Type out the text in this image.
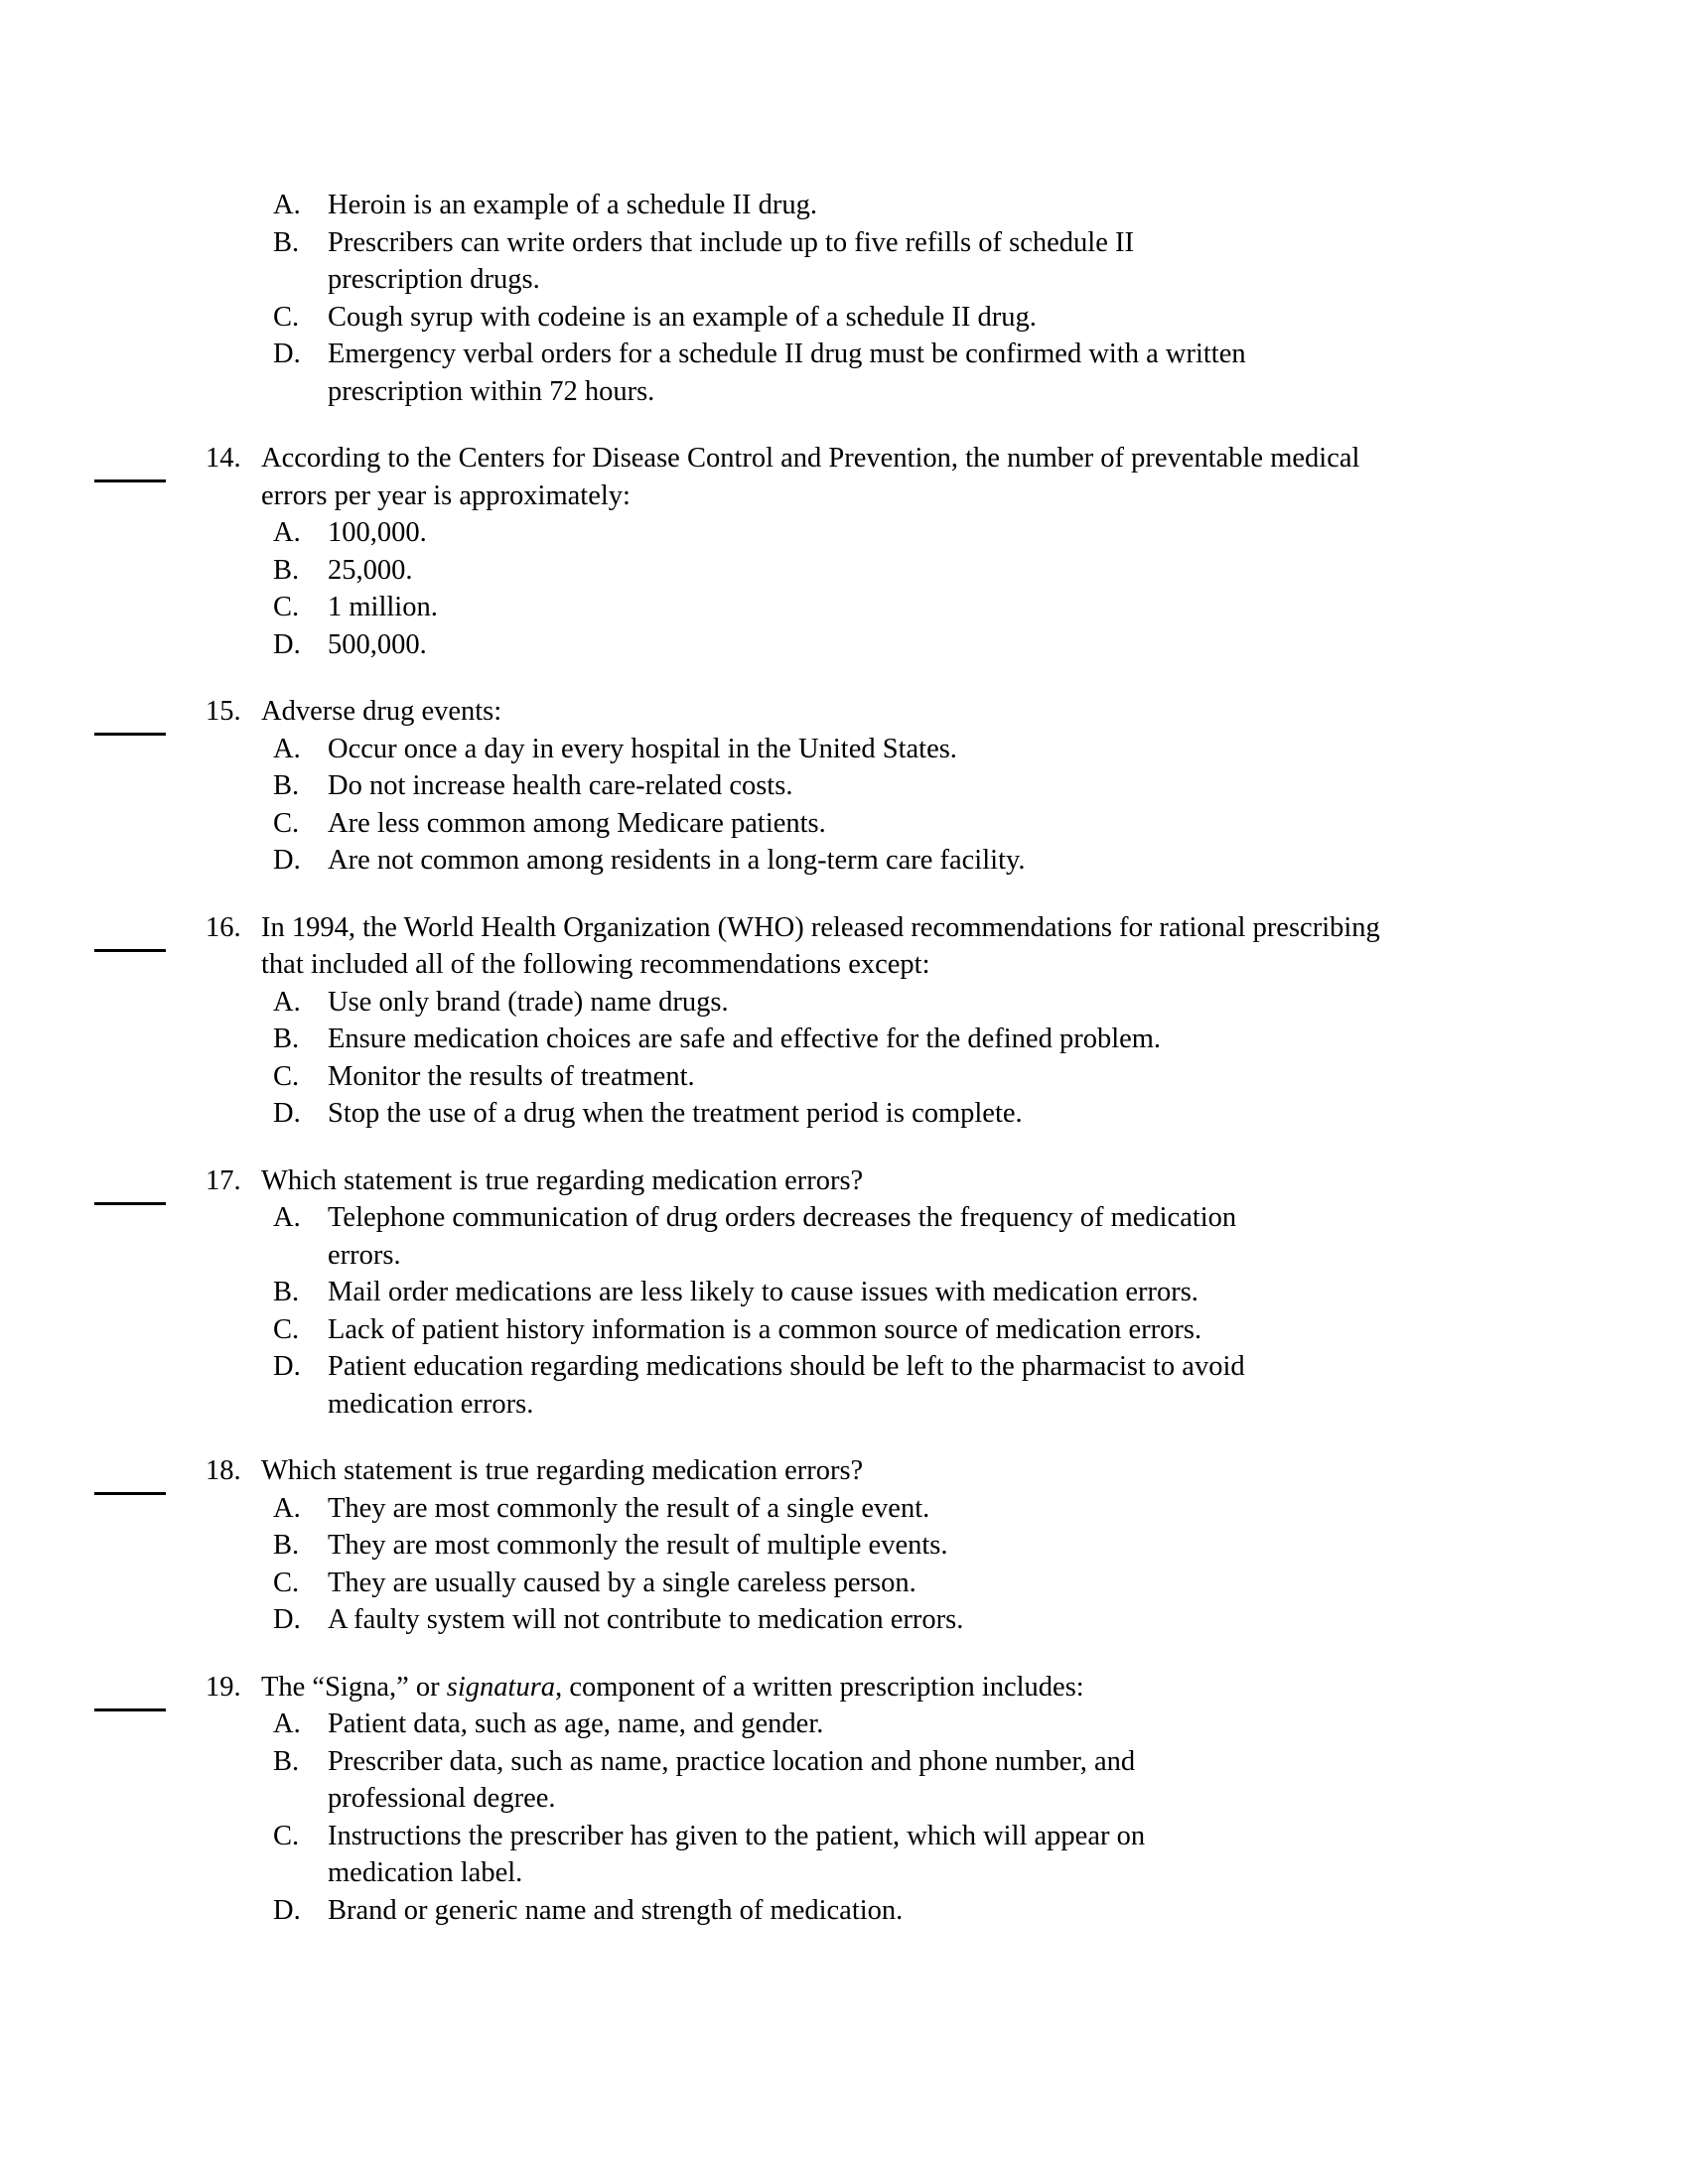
A. Heroin is an example of a schedule II drug.
B.	Prescribers can write orders that include up to five refills of schedule II
prescription drugs.
C.	Cough syrup with codeine is an example of a schedule II drug.
D. Emergency verbal orders for a schedule II drug must be confirmed with a written
prescription within 72 hours.
14. According to the Centers for Disease Control and Prevention, the number of preventable medical
errors per year is approximately:
A. 100,000.
B.	25,000.
C.	1 million.
D. 500,000.
15. Adverse drug events:
A. Occur once a day in every hospital in the United States.
B.	Do not increase health care-related costs.
C.	Are less common among Medicare patients.
D. Are not common among residents in a long-term care facility.
16. In 1994, the World Health Organization (WHO) released recommendations for rational prescribing
that included all of the following recommendations except:
A. Use only brand (trade) name drugs.
B.	Ensure medication choices are safe and effective for the defined problem.
C.	Monitor the results of treatment.
D. Stop the use of a drug when the treatment period is complete.
17. Which statement is true regarding medication errors?
A. Telephone communication of drug orders decreases the frequency of medication
errors.
B.	Mail order medications are less likely to cause issues with medication errors.
C.	Lack of patient history information is a common source of medication errors.
D. Patient education regarding medications should be left to the pharmacist to avoid
medication errors.
18. Which statement is true regarding medication errors?
A. They are most commonly the result of a single event.
B.	They are most commonly the result of multiple events.
C.	They are usually caused by a single careless person.
D. A faulty system will not contribute to medication errors.
19. The “Signa,” or signatura, component of a written prescription includes:
A. Patient data, such as age, name, and gender.
B.	Prescriber data, such as name, practice location and phone number, and
professional degree.
C.	Instructions the prescriber has given to the patient, which will appear on
medication label.
D. Brand or generic name and strength of medication.
